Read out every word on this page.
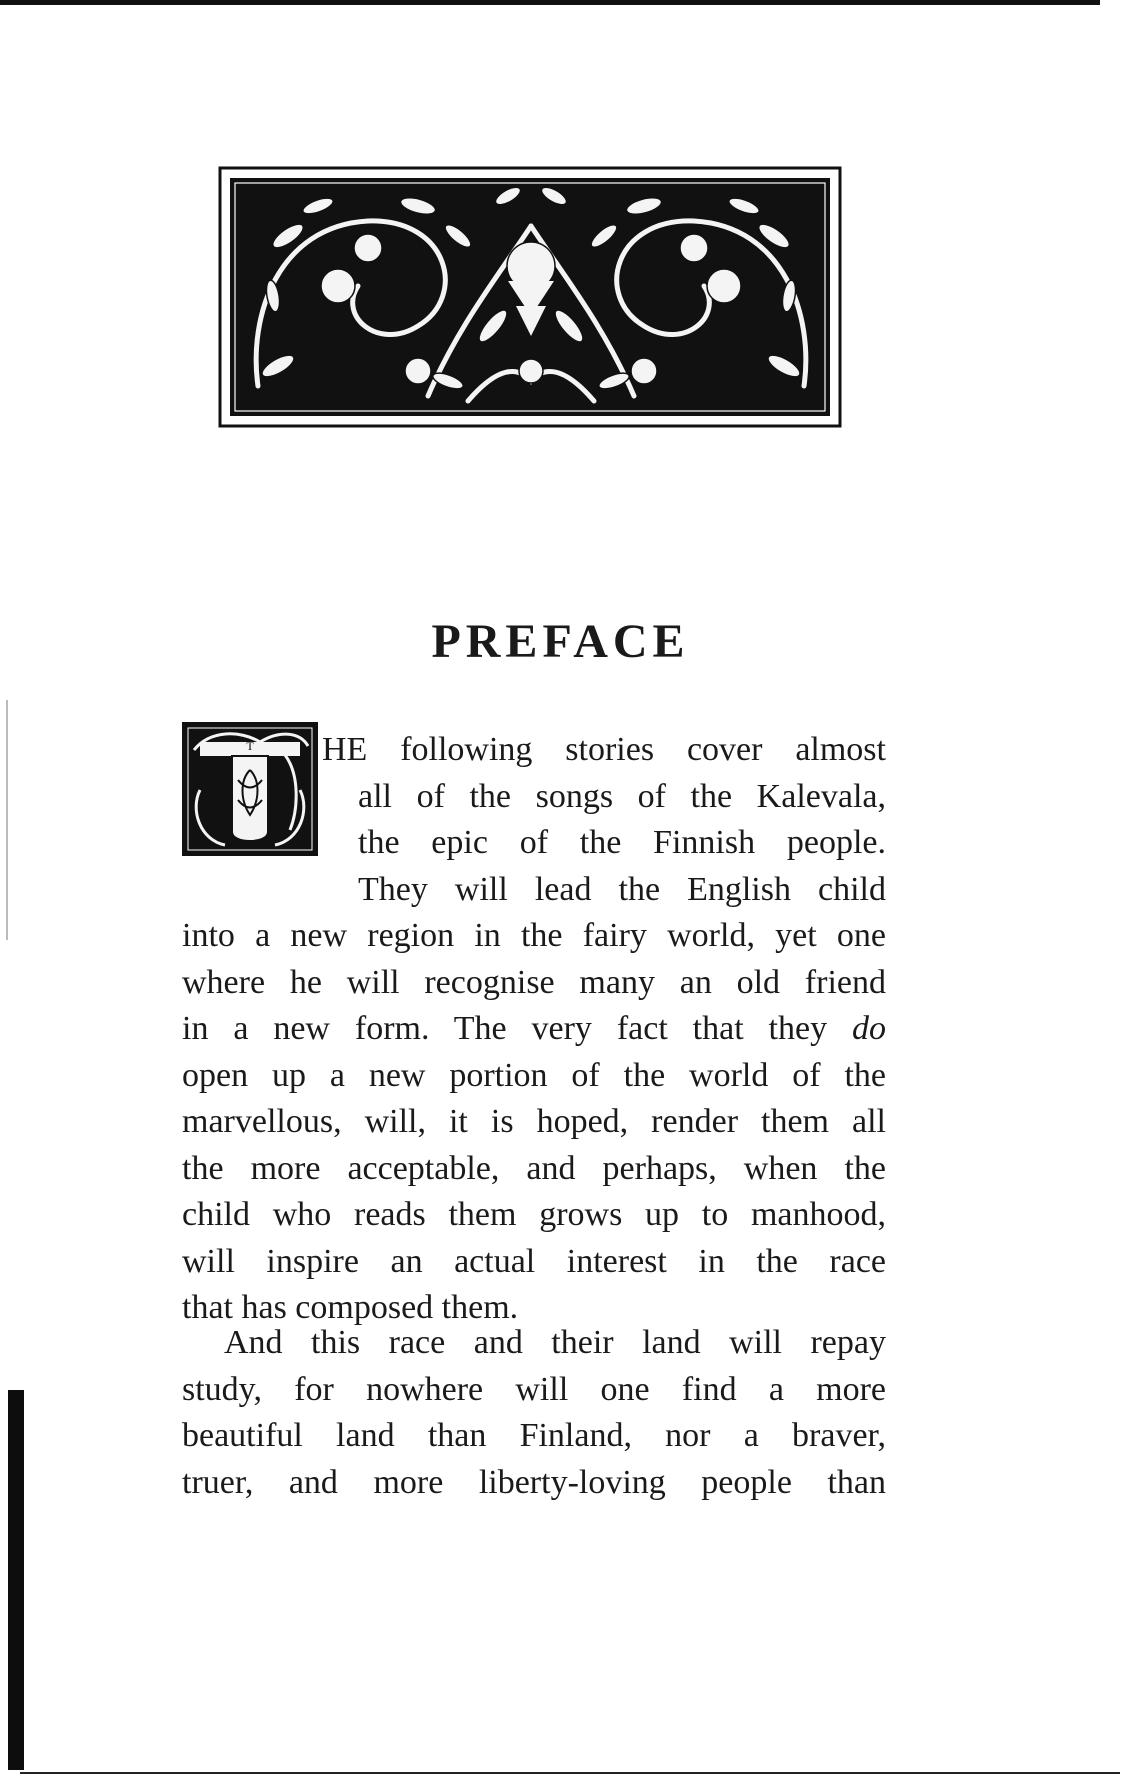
PREFACE
T	HE following stories cover almost
all of the songs of the Kalevala,
the epic of the Finnish people.
They will lead the English child
into a new region in the fairy world, yet one
where he will recognise many an old friend
in a new form. The very fact that they do
open up a new portion of the world of the
marvellous, will, it is hoped, render them all
the more acceptable, and perhaps, when the
child who reads them grows up to manhood,
will inspire an actual interest in the race
that has composed them.
And this race and their land will repay
study, for nowhere will one find a more
beautiful land than Finland, nor a braver,
truer, and more liberty-loving people than
